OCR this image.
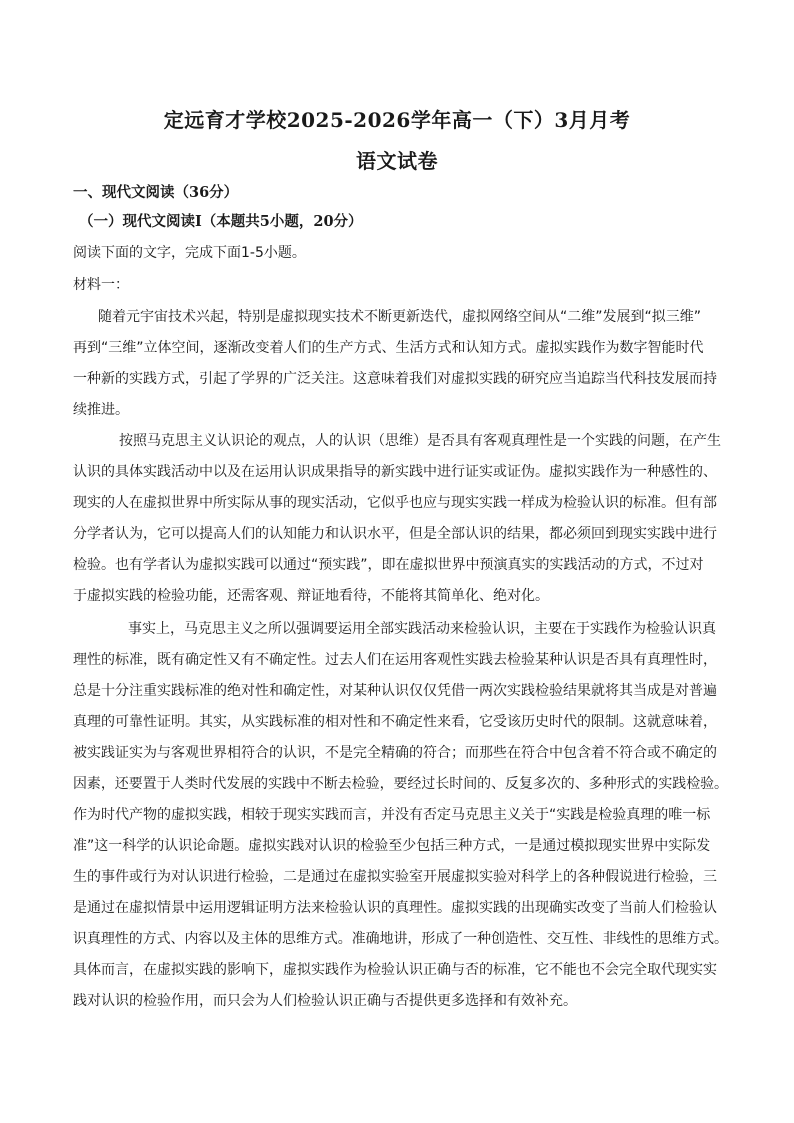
定远育才学校2025-2026学年高一（下）3月月考
语文试卷
一、现代文阅读（36分）
（一）现代文阅读Ⅰ（本题共5小题，20分）
阅读下面的文字，完成下面1-5小题。
材料一：
随着元宇宙技术兴起，特别是虚拟现实技术不断更新迭代，虚拟网络空间从“二维”发展到“拟三维”
再到“三维”立体空间，逐渐改变着人们的生产方式、生活方式和认知方式。虚拟实践作为数字智能时代
一种新的实践方式，引起了学界的广泛关注。这意味着我们对虚拟实践的研究应当追踪当代科技发展而持
续推进。
按照马克思主义认识论的观点，人的认识（思维）是否具有客观真理性是一个实践的问题，在产生
认识的具体实践活动中以及在运用认识成果指导的新实践中进行证实或证伪。虚拟实践作为一种感性的、
现实的人在虚拟世界中所实际从事的现实活动，它似乎也应与现实实践一样成为检验认识的标准。但有部
分学者认为，它可以提高人们的认知能力和认识水平，但是全部认识的结果，都必须回到现实实践中进行
检验。也有学者认为虚拟实践可以通过“预实践”，即在虚拟世界中预演真实的实践活动的方式，不过对
于虚拟实践的检验功能，还需客观、辩证地看待，不能将其简单化、绝对化。
事实上，马克思主义之所以强调要运用全部实践活动来检验认识，主要在于实践作为检验认识真
理性的标准，既有确定性又有不确定性。过去人们在运用客观性实践去检验某种认识是否具有真理性时，
总是十分注重实践标准的绝对性和确定性，对某种认识仅仅凭借一两次实践检验结果就将其当成是对普遍
真理的可靠性证明。其实，从实践标准的相对性和不确定性来看，它受该历史时代的限制。这就意味着，
被实践证实为与客观世界相符合的认识，不是完全精确的符合；而那些在符合中包含着不符合或不确定的
因素，还要置于人类时代发展的实践中不断去检验，要经过长时间的、反复多次的、多种形式的实践检验。
作为时代产物的虚拟实践，相较于现实实践而言，并没有否定马克思主义关于“实践是检验真理的唯一标
准”这一科学的认识论命题。虚拟实践对认识的检验至少包括三种方式，一是通过模拟现实世界中实际发
生的事件或行为对认识进行检验，二是通过在虚拟实验室开展虚拟实验对科学上的各种假说进行检验，三
是通过在虚拟情景中运用逻辑证明方法来检验认识的真理性。虚拟实践的出现确实改变了当前人们检验认
识真理性的方式、内容以及主体的思维方式。准确地讲，形成了一种创造性、交互性、非线性的思维方式。
具体而言，在虚拟实践的影响下，虚拟实践作为检验认识正确与否的标准，它不能也不会完全取代现实实
践对认识的检验作用，而只会为人们检验认识正确与否提供更多选择和有效补充。
